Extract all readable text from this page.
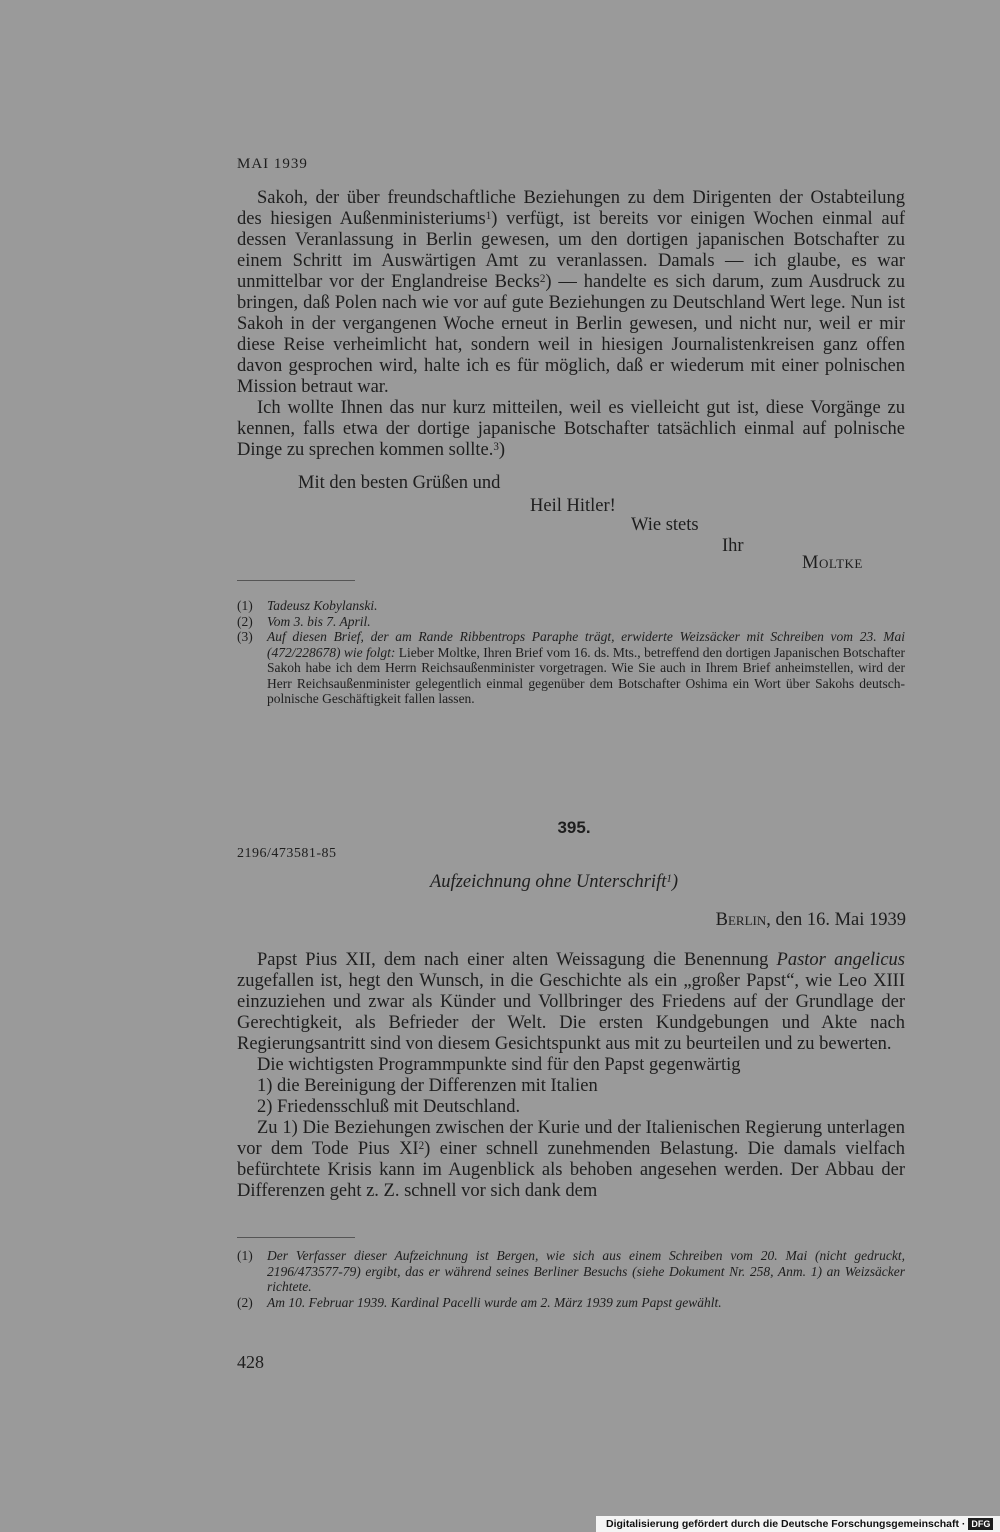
MAI 1939

Sakoh, der über freundschaftliche Beziehungen zu dem Dirigenten der Ostabteilung des hiesigen Außenministeriums$^1$) verfügt, ist bereits vor einigen Wochen einmal auf dessen Veranlassung in Berlin gewesen, um den dortigen japanischen Botschafter zu einem Schritt im Auswärtigen Amt zu veranlassen. Damals — ich glaube, es war unmittelbar vor der Englandreise Becks$^2$) — handelte es sich darum, zum Ausdruck zu bringen, daß Polen nach wie vor auf gute Beziehungen zu Deutschland Wert lege. Nun ist Sakoh in der vergangenen Woche erneut in Berlin gewesen, und nicht nur, weil er mir diese Reise verheimlicht hat, sondern weil in hiesigen Journalistenkreisen ganz offen davon gesprochen wird, halte ich es für möglich, daß er wiederum mit einer polnischen Mission betraut war.

Ich wollte Ihnen das nur kurz mitteilen, weil es vielleicht gut ist, diese Vorgänge zu kennen, falls etwa der dortige japanische Botschafter tatsächlich einmal auf polnische Dinge zu sprechen kommen sollte.$^3$)

Mit den besten Grüßen und
Heil Hitler!
Wie stets
Ihr
Moltke
(1)	Tadeusz Kobylanski.
(2)	Vom 3. bis 7. April.
(3)	Auf diesen Brief, der am Rande Ribbentrops Paraphe trägt, erwiderte Weizsäcker mit Schreiben vom 23. Mai (472/228678) wie folgt: Lieber Moltke, Ihren Brief vom 16. ds. Mts., betreffend den dortigen Japanischen Botschafter Sakoh habe ich dem Herrn Reichsaußenminister vorgetragen. Wie Sie auch in Ihrem Brief anheimstellen, wird der Herr Reichsaußenminister gelegentlich einmal gegenüber dem Botschafter Oshima ein Wort über Sakohs deutsch-polnische Geschäftigkeit fallen lassen.
395.
2196/473581-85
Aufzeichnung ohne Unterschrift$^1$)
Berlin, den 16. Mai 1939

Papst Pius XII, dem nach einer alten Weissagung die Benennung Pastor angelicus zugefallen ist, hegt den Wunsch, in die Geschichte als ein „großer Papst“, wie Leo XIII einzuziehen und zwar als Künder und Vollbringer des Friedens auf der Grundlage der Gerechtigkeit, als Befrieder der Welt. Die ersten Kundgebungen und Akte nach Regierungsantritt sind von diesem Gesichtspunkt aus mit zu beurteilen und zu bewerten.

Die wichtigsten Programmpunkte sind für den Papst gegenwärtig

1) die Bereinigung der Differenzen mit Italien

2) Friedensschluß mit Deutschland.

Zu 1) Die Beziehungen zwischen der Kurie und der Italienischen Regierung unterlagen vor dem Tode Pius $XI^2$) einer schnell zunehmenden Belastung. Die damals vielfach befürchtete Krisis kann im Augenblick als behoben angesehen werden. Der Abbau der Differenzen geht z. Z. schnell vor sich dank dem

(1)	Der Verfasser dieser Aufzeichnung ist Bergen, wie sich aus einem Schreiben vom 20. Mai (nicht gedruckt, 2196/473577-79) ergibt, das er während seines Berliner Besuchs (siehe Dokument Nr. 258, Anm. 1) an Weizsäcker richtete.
(2)	Am 10. Februar 1939. Kardinal Pacelli wurde am 2. März 1939 zum Papst gewählt.
428
Digitalisierung gefördert durch die Deutsche Forschungsgemeinschaft · DFG
